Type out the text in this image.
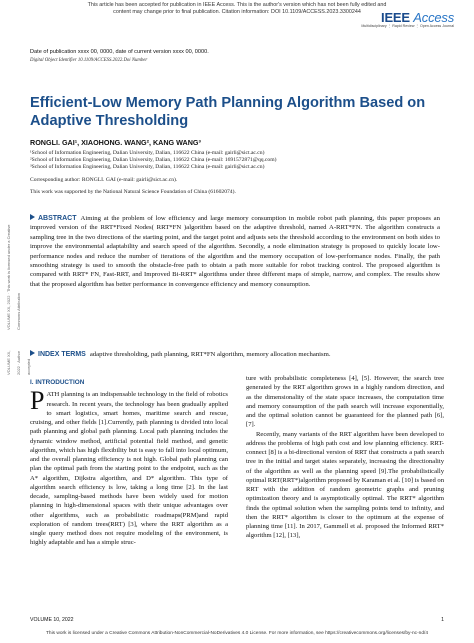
This article has been accepted for publication in IEEE Access. This is the author's version which has not been fully edited and
content may change prior to final publication. Citation information: DOI 10.1109/ACCESS.2023.3300244	IEEE Access
Multidisciplinary ⋮ Rapid Review ⋮ Open Access Journal
Date of publication xxxx 00, 0000, date of current version xxxx 00, 0000.
Digital Object Identifier 10.1109/ACCESS.2022.Doi Number
Efficient-Low Memory Path Planning Algorithm Based on Adaptive Thresholding
RONGLI. GAI¹, XIAOHONG. WANG², KANG WANG³
¹School of Information Engineering, Dalian University, Dalian, 116622 China (e-mail: gairli@sict.ac.cn)
²School of Information Engineering, Dalian University, Dalian, 116622 China (e-mail: 1691572871@qq.com)
³School of Information Engineering, Dalian University, Dalian, 116622 China (e-mail: gairli@sict.ac.cn)
Corresponding author: RONGLI. GAI (e-mail: gairli@sict.ac.cn).
This work was supported by the National Natural Science Foundation of China (61602074).
VOLUME XX, 2022 · This work is licensed under a Creative Commons Attribution
ABSTRACT Aiming at the problem of low efficiency and large memory consumption in mobile robot path planning, this paper proposes an improved version of the RRT*Fixed Nodes( RRT*FN )algorithm based on the adaptive threshold, named A-RRT*FN. The algorithm constructs a sampling tree in the two directions of the starting point, and the target point and adjusts sets the threshold according to the environment on both sides to improve the environmental adaptability and search speed of the algorithm. Secondly, a node elimination strategy is proposed to quickly locate low-performance nodes and reduce the number of iterations of the algorithm and the memory occupation of low-performance nodes. Finally, the path smoothing strategy is used to smooth the obstacle-free path to obtain a path more suitable for robot tracking control. The proposed algorithm is compared with RRT* FN, Fast-RRT, and Improved Bi-RRT* algorithms under three different maps of simple, narrow, and complex. The results show that the proposed algorithm has better performance in convergence efficiency and memory consumption.
VOLUME XX, 2022 · Author accepted
INDEX TERMS adaptive thresholding, path planning, RRT*FN algorithm, memory allocation mechanism.
I. INTRODUCTION

PATH planning is an indispensable technology in the field of robotics research. In recent years, the technology has been gradually applied to smart logistics, smart homes, maritime search and rescue, cruising, and other fields [1].Currently, path planning is divided into local path planning and global path planning. Local path planning includes the dynamic window method, artificial potential field method, and genetic algorithm, which has high flexibility but is easy to fall into local optimum, and the overall planning efficiency is not high. Global path planning can plan the optimal path from the starting point to the endpoint, such as the A* algorithm, Dijkstra algorithm, and D* algorithm. This type of algorithm search efficiency is low, taking a long time [2]. In the last decade, sampling-based methods have been widely used for motion planning in high-dimensional spaces with their unique advantages over other algorithms, such as probabilistic roadmaps(PRM)and rapid exploration of random trees(RRT) [3], where the RRT algorithm as a single query method does not require modeling of the environment, is highly adaptable and has a simple struc-

ture with probabilistic completeness [4], [5]. However, the search tree generated by the RRT algorithm grows in a highly random direction, and as the dimensionality of the state space increases, the computation time and memory consumption of the path search will increase exponentially, and the optimal solution cannot be guaranteed for the planned path [6], [7].

Recently, many variants of the RRT algorithm have been developed to address the problems of high path cost and low planning efficiency. RRT-connect [8] is a bi-directional version of RRT that constructs a path search tree in the initial and target states separately, increasing the directionality of the algorithm as well as the planning speed [9].The probabilistically optimal RRT(RRT*)algorithm proposed by Karaman et al. [10] is based on RRT with the addition of random geometric graphs and pruning optimization theory and is asymptotically optimal. The RRT* algorithm finds the optimal solution when the sampling points tend to infinity, and then the RRT* algorithm is closer to the optimum at the expense of planning time [11]. In 2017, Gammell et al. proposed the Informed RRT* algorithm [12], [13],

VOLUME 10, 2022	1
This work is licensed under a Creative Commons Attribution-NonCommercial-NoDerivatives 4.0 License. For more information, see https://creativecommons.org/licenses/by-nc-nd/4
